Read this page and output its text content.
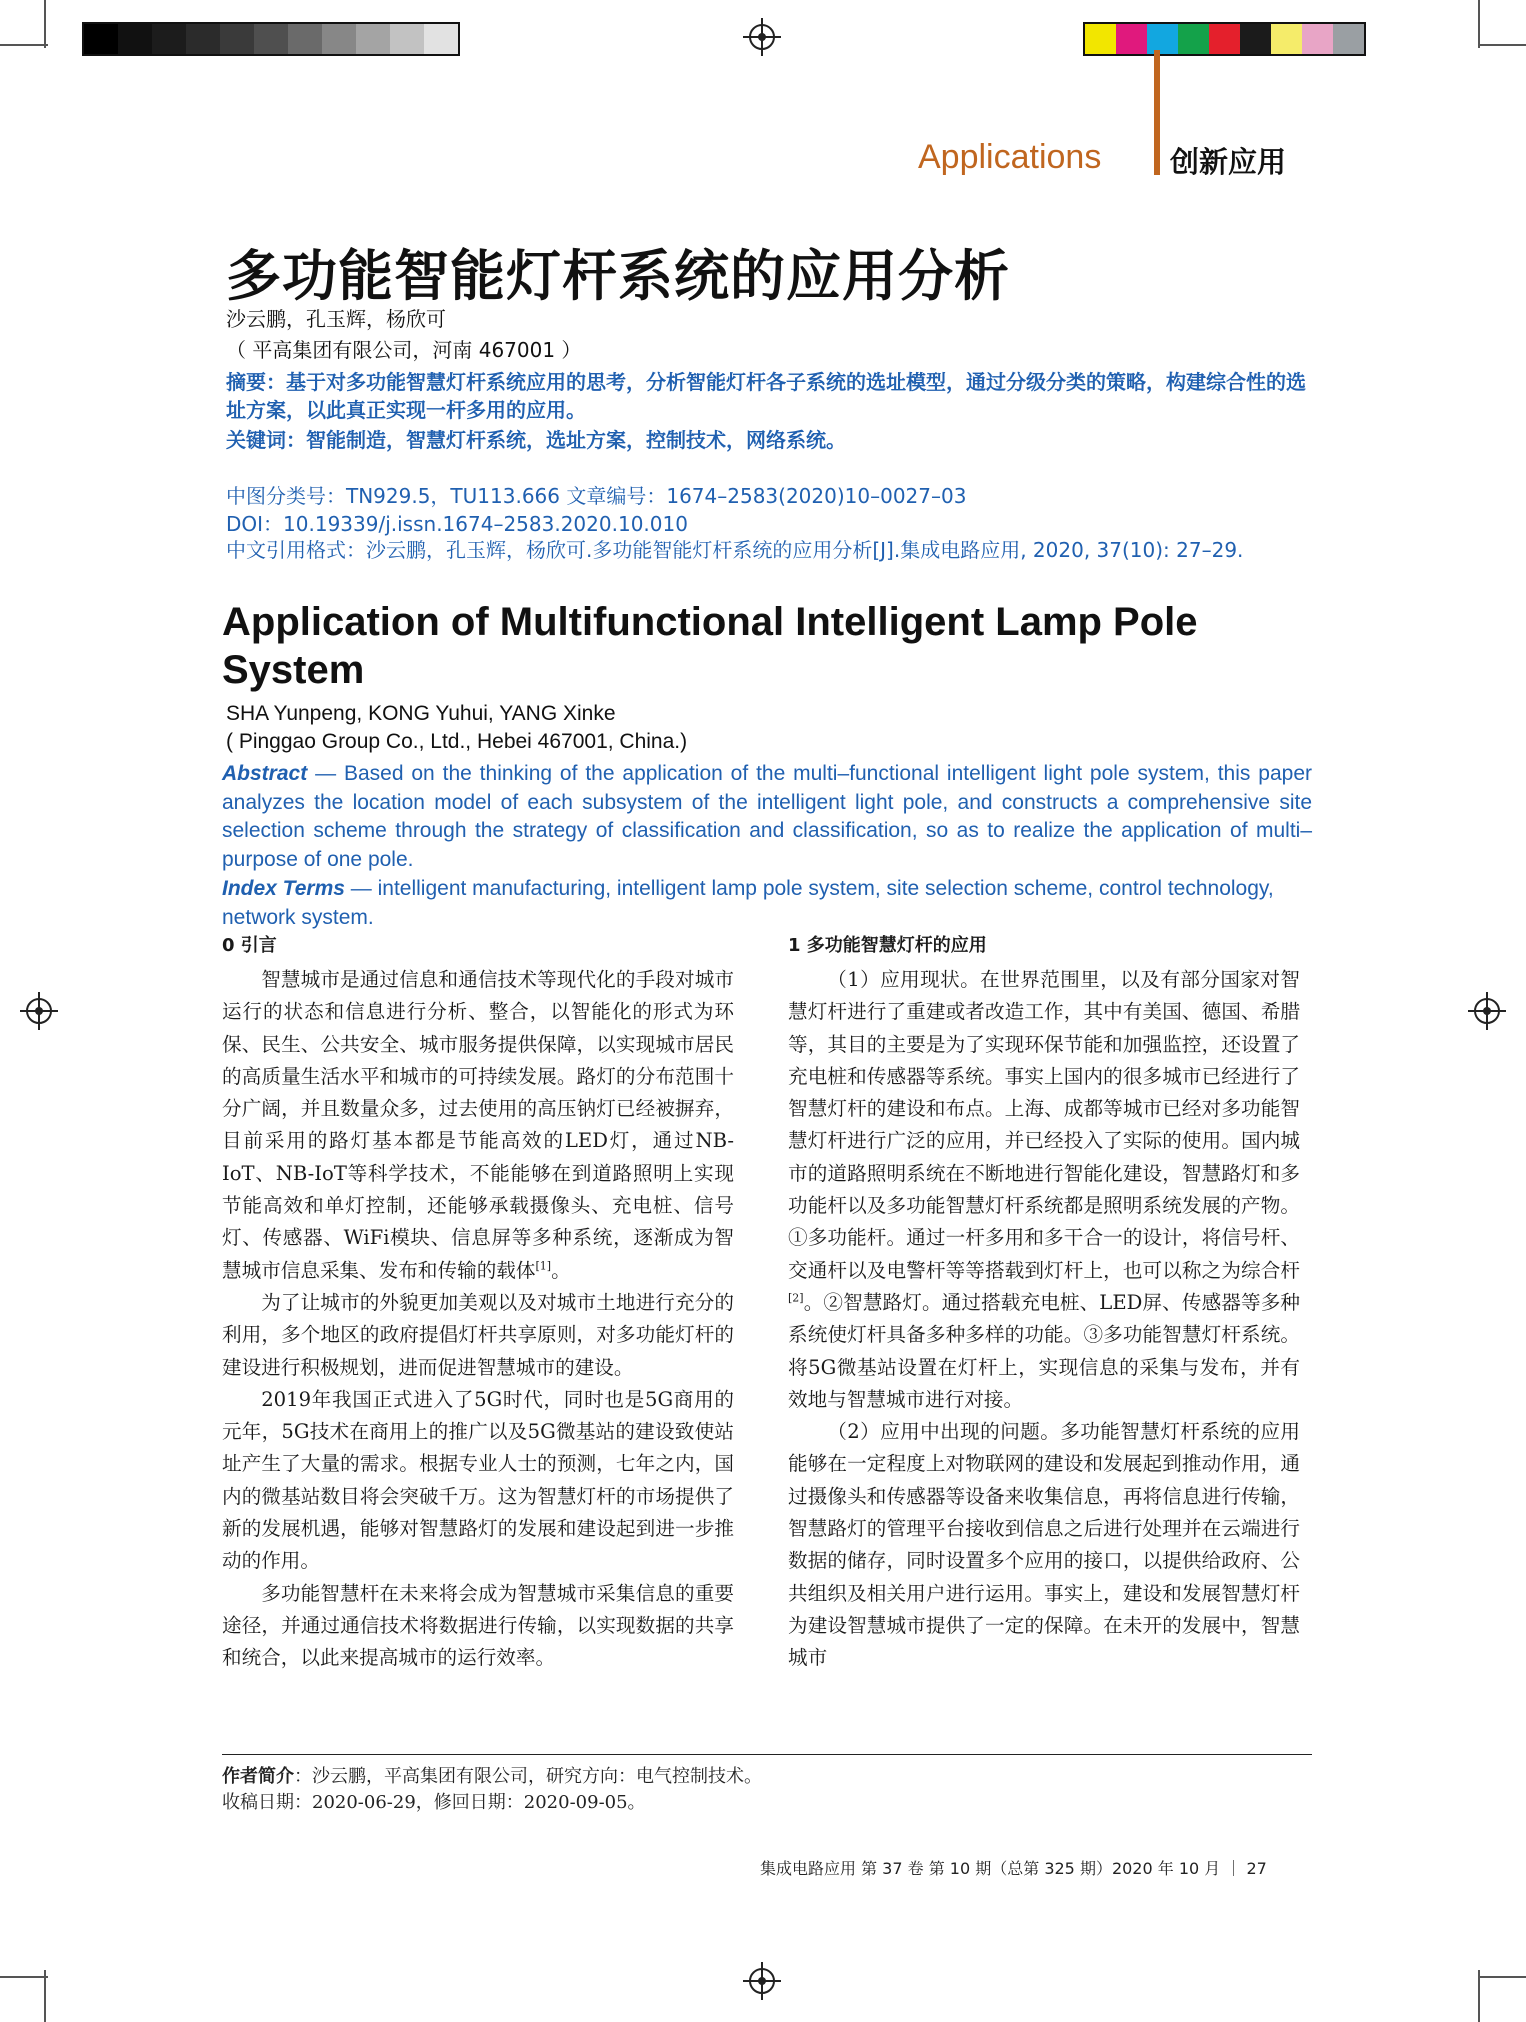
Applications 创新应用
多功能智能灯杆系统的应用分析
沙云鹏，孔玉辉，杨欣可
（ 平高集团有限公司，河南 467001 ）
摘要：基于对多功能智慧灯杆系统应用的思考，分析智能灯杆各子系统的选址模型，通过分级分类的策略，构建综合性的选址方案，以此真正实现一杆多用的应用。
关键词：智能制造，智慧灯杆系统，选址方案，控制技术，网络系统。
中图分类号：TN929.5，TU113.666 文章编号：1674–2583(2020)10–0027–03
DOI：10.19339/j.issn.1674–2583.2020.10.010
中文引用格式：沙云鹏，孔玉辉，杨欣可.多功能智能灯杆系统的应用分析[J].集成电路应用, 2020, 37(10): 27–29.
Application of Multifunctional Intelligent Lamp Pole System
SHA Yunpeng, KONG Yuhui, YANG Xinke
( Pinggao Group Co., Ltd., Hebei 467001, China.)
Abstract — Based on the thinking of the application of the multi–functional intelligent light pole system, this paper analyzes the location model of each subsystem of the intelligent light pole, and constructs a comprehensive site selection scheme through the strategy of classification and classification, so as to realize the application of multi–purpose of one pole.
Index Terms — intelligent manufacturing, intelligent lamp pole system, site selection scheme, control technology, network system.
0 引言

智慧城市是通过信息和通信技术等现代化的手段对城市运行的状态和信息进行分析、整合，以智能化的形式为环保、民生、公共安全、城市服务提供保障，以实现城市居民的高质量生活水平和城市的可持续发展。路灯的分布范围十分广阔，并且数量众多，过去使用的高压钠灯已经被摒弃，目前采用的路灯基本都是节能高效的LED灯，通过NB-IoT、NB-IoT等科学技术，不能能够在到道路照明上实现节能高效和单灯控制，还能够承载摄像头、充电桩、信号灯、传感器、WiFi模块、信息屏等多种系统，逐渐成为智慧城市信息采集、发布和传输的载体[1]。

为了让城市的外貌更加美观以及对城市土地进行充分的利用，多个地区的政府提倡灯杆共享原则，对多功能灯杆的建设进行积极规划，进而促进智慧城市的建设。

2019年我国正式进入了5G时代，同时也是5G商用的元年，5G技术在商用上的推广以及5G微基站的建设致使站址产生了大量的需求。根据专业人士的预测，七年之内，国内的微基站数目将会突破千万。这为智慧灯杆的市场提供了新的发展机遇，能够对智慧路灯的发展和建设起到进一步推动的作用。

多功能智慧杆在未来将会成为智慧城市采集信息的重要途径，并通过通信技术将数据进行传输，以实现数据的共享和统合，以此来提高城市的运行效率。

1 多功能智慧灯杆的应用

（1）应用现状。在世界范围里，以及有部分国家对智慧灯杆进行了重建或者改造工作，其中有美国、德国、希腊等，其目的主要是为了实现环保节能和加强监控，还设置了充电桩和传感器等系统。事实上国内的很多城市已经进行了智慧灯杆的建设和布点。上海、成都等城市已经对多功能智慧灯杆进行广泛的应用，并已经投入了实际的使用。国内城市的道路照明系统在不断地进行智能化建设，智慧路灯和多功能杆以及多功能智慧灯杆系统都是照明系统发展的产物。①多功能杆。通过一杆多用和多干合一的设计，将信号杆、交通杆以及电警杆等等搭载到灯杆上，也可以称之为综合杆[2]。②智慧路灯。通过搭载充电桩、LED屏、传感器等多种系统使灯杆具备多种多样的功能。③多功能智慧灯杆系统。将5G微基站设置在灯杆上，实现信息的采集与发布，并有效地与智慧城市进行对接。

（2）应用中出现的问题。多功能智慧灯杆系统的应用能够在一定程度上对物联网的建设和发展起到推动作用，通过摄像头和传感器等设备来收集信息，再将信息进行传输，智慧路灯的管理平台接收到信息之后进行处理并在云端进行数据的储存，同时设置多个应用的接口，以提供给政府、公共组织及相关用户进行运用。事实上，建设和发展智慧灯杆为建设智慧城市提供了一定的保障。在未开的发展中，智慧城市

作者简介：沙云鹏，平高集团有限公司，研究方向：电气控制技术。
收稿日期：2020-06-29，修回日期：2020-09-05。
集成电路应用 第 37 卷 第 10 期（总第 325 期）2020 年 10 月 ｜ 27
